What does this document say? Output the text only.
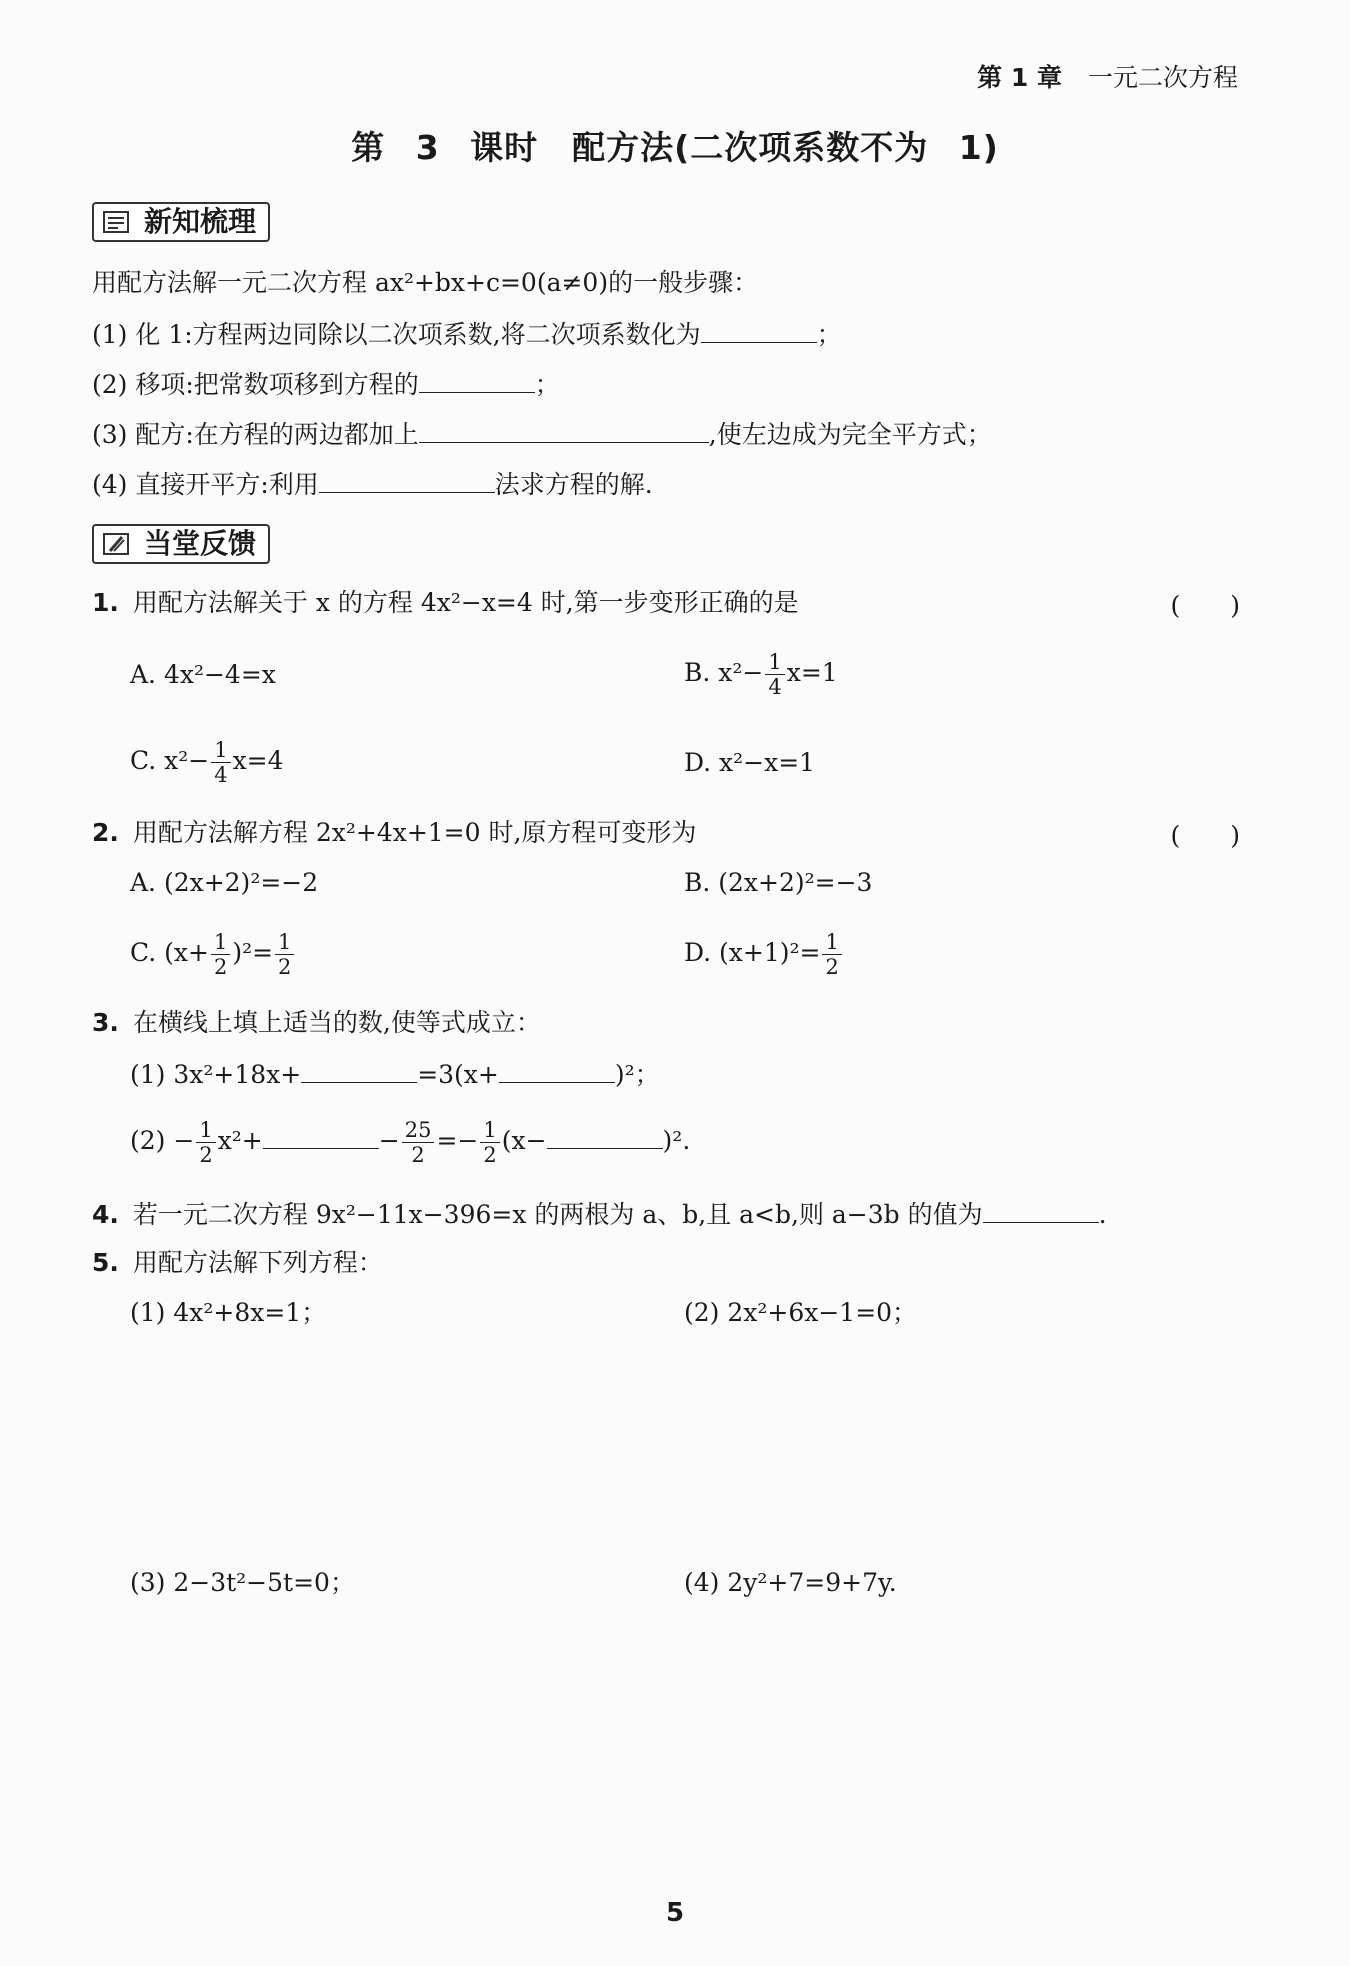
第 1 章 一元二次方程
第 3 课时　配方法(二次项系数不为 1)
新知梳理
用配方法解一元二次方程 ax²+bx+c=0(a≠0)的一般步骤：
(1) 化 1:方程两边同除以二次项系数,将二次项系数化为	；
(2) 移项:把常数项移到方程的	；
(3) 配方:在方程的两边都加上	,使左边成为完全平方式；
(4) 直接开平方:利用	法求方程的解.
当堂反馈
1. 用配方法解关于 x 的方程 4x²−x=4 时,第一步变形正确的是	(　　)
A. 4x²−4=x	B. $x^2- \frac{1}{4} x=1$
C. $x^2- \frac{1}{4} x=4$	D. x²−x=1
2. 用配方法解方程 2x²+4x+1=0 时,原方程可变形为	(　　)
A. (2x+2)²=−2	B. (2x+2)²=−3
C. $(x+ \frac{1}{2} )^2= \frac{1}{2}$	D. $(x+1)^2= \frac{1}{2}$
3. 在横线上填上适当的数,使等式成立：
(1) 3x²+18x+	=3(x+	)²；
$(2) - \frac{1}{2} x^2+$	− $\frac{25}{2} =- \frac{1}{2} (x-$	)².
4. 若一元二次方程 9x²−11x−396=x 的两根为 a、b,且 a<b,则 a−3b 的值为	.
5. 用配方法解下列方程：
(1) 4x²+8x=1；	(2) 2x²+6x−1=0；
(3) 2−3t²−5t=0；	(4) 2y²+7=9+7y.
5
